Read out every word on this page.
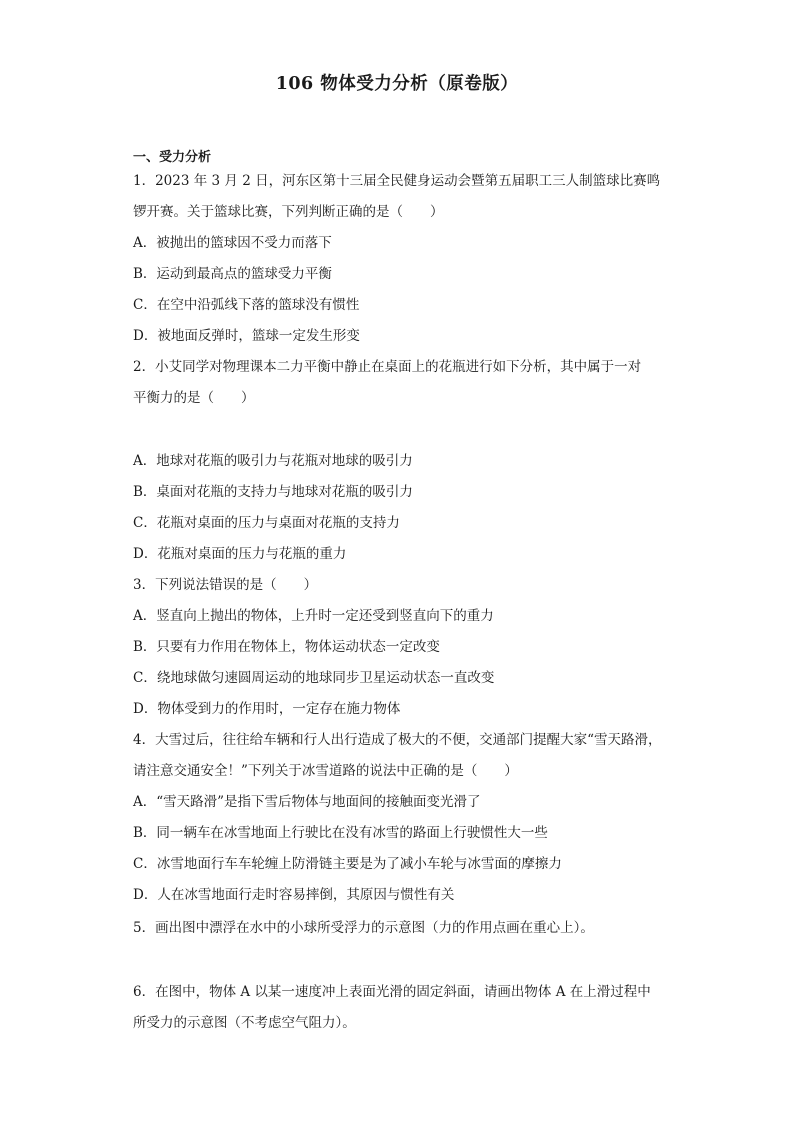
106 物体受力分析（原卷版）
一、受力分析
1．2023 年 3 月 2 日，河东区第十三届全民健身运动会暨第五届职工三人制篮球比赛鸣
锣开赛。关于篮球比赛，下列判断正确的是（　　）
A．被抛出的篮球因不受力而落下
B．运动到最高点的篮球受力平衡
C．在空中沿弧线下落的篮球没有惯性
D．被地面反弹时，篮球一定发生形变
2．小艾同学对物理课本二力平衡中静止在桌面上的花瓶进行如下分析，其中属于一对
平衡力的是（　　）
A．地球对花瓶的吸引力与花瓶对地球的吸引力
B．桌面对花瓶的支持力与地球对花瓶的吸引力
C．花瓶对桌面的压力与桌面对花瓶的支持力
D．花瓶对桌面的压力与花瓶的重力
3．下列说法错误的是（　　）
A．竖直向上抛出的物体，上升时一定还受到竖直向下的重力
B．只要有力作用在物体上，物体运动状态一定改变
C．绕地球做匀速圆周运动的地球同步卫星运动状态一直改变
D．物体受到力的作用时，一定存在施力物体
4．大雪过后，往往给车辆和行人出行造成了极大的不便，交通部门提醒大家“雪天路滑，
请注意交通安全！”下列关于冰雪道路的说法中正确的是（　　）
A．“雪天路滑”是指下雪后物体与地面间的接触面变光滑了
B．同一辆车在冰雪地面上行驶比在没有冰雪的路面上行驶惯性大一些
C．冰雪地面行车车轮缠上防滑链主要是为了减小车轮与冰雪面的摩擦力
D．人在冰雪地面行走时容易摔倒，其原因与惯性有关
5．画出图中漂浮在水中的小球所受浮力的示意图（力的作用点画在重心上）。
6．在图中，物体 A 以某一速度冲上表面光滑的固定斜面，请画出物体 A 在上滑过程中
所受力的示意图（不考虑空气阻力）。
